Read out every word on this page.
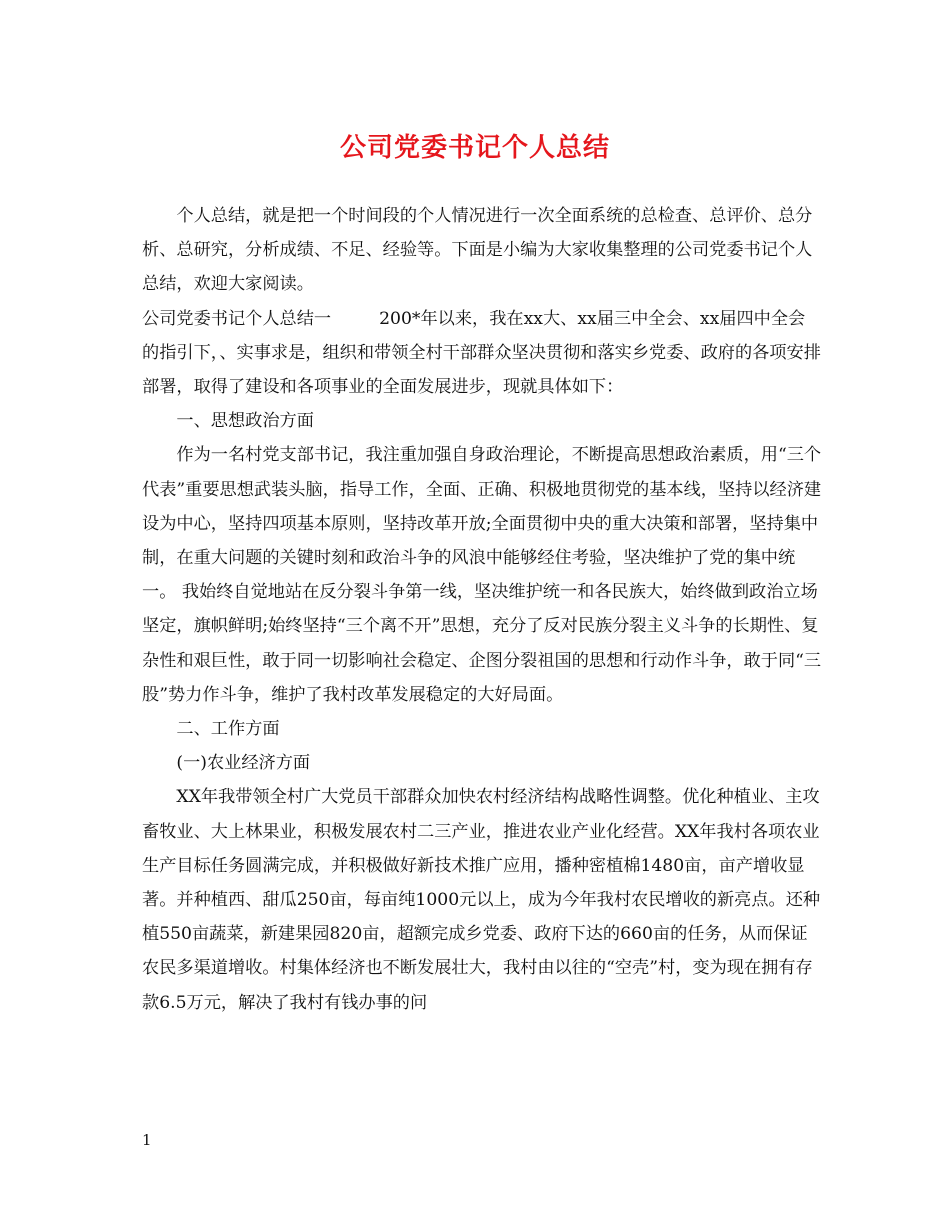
公司党委书记个人总结

个人总结，就是把一个时间段的个人情况进行一次全面系统的总检查、总评价、总分析、总研究，分析成绩、不足、经验等。下面是小编为大家收集整理的公司党委书记个人总结，欢迎大家阅读。

公司党委书记个人总结一	200*年以来，我在xx大、xx届三中全会、xx届四中全会的指引下，、实事求是，组织和带领全村干部群众坚决贯彻和落实乡党委、政府的各项安排部署，取得了建设和各项事业的全面发展进步，现就具体如下：

一、思想政治方面

作为一名村党支部书记，我注重加强自身政治理论，不断提高思想政治素质，用“三个代表”重要思想武装头脑，指导工作，全面、正确、积极地贯彻党的基本线，坚持以经济建设为中心，坚持四项基本原则，坚持改革开放;全面贯彻中央的重大决策和部署，坚持集中制，在重大问题的关键时刻和政治斗争的风浪中能够经住考验，坚决维护了党的集中统一。 我始终自觉地站在反分裂斗争第一线，坚决维护统一和各民族大，始终做到政治立场坚定，旗帜鲜明;始终坚持“三个离不开”思想，充分了反对民族分裂主义斗争的长期性、复杂性和艰巨性，敢于同一切影响社会稳定、企图分裂祖国的思想和行动作斗争，敢于同“三股”势力作斗争，维护了我村改革发展稳定的大好局面。

二、工作方面

(一)农业经济方面

XX年我带领全村广大党员干部群众加快农村经济结构战略性调整。优化种植业、主攻畜牧业、大上林果业，积极发展农村二三产业，推进农业产业化经营。XX年我村各项农业生产目标任务圆满完成，并积极做好新技术推广应用，播种密植棉1480亩，亩产增收显著。并种植西、甜瓜250亩，每亩纯1000元以上，成为今年我村农民增收的新亮点。还种植550亩蔬菜，新建果园820亩，超额完成乡党委、政府下达的660亩的任务，从而保证农民多渠道增收。村集体经济也不断发展壮大，我村由以往的“空壳”村，变为现在拥有存款6.5万元，解决了我村有钱办事的问

1
